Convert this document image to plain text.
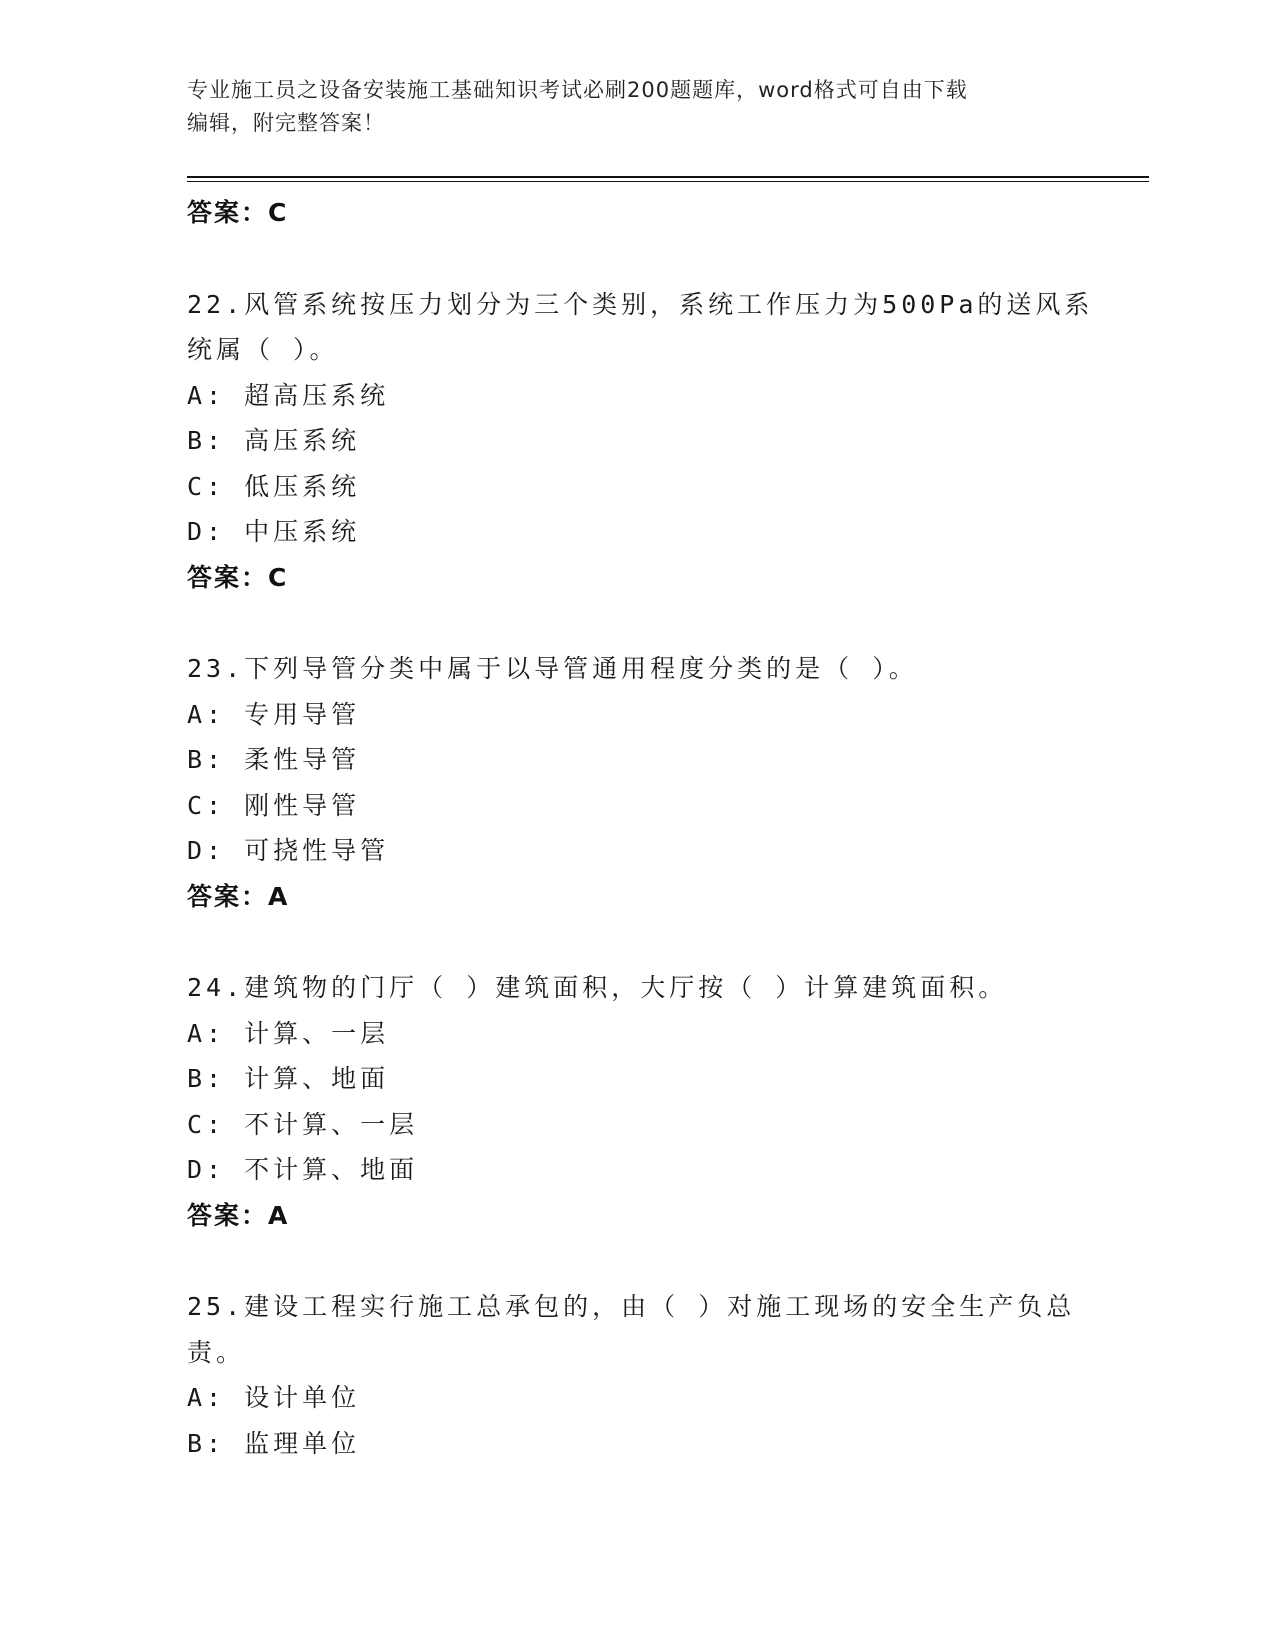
专业施工员之设备安装施工基础知识考试必刷200题题库，word格式可自由下载
编辑，附完整答案！
答案：C
22.风管系统按压力划分为三个类别，系统工作压力为500Pa的送风系
统属（ ）。
A: 超高压系统
B: 高压系统
C: 低压系统
D: 中压系统
答案：C
23.下列导管分类中属于以导管通用程度分类的是（ ）。
A: 专用导管
B: 柔性导管
C: 刚性导管
D: 可挠性导管
答案：A
24.建筑物的门厅（ ）建筑面积，大厅按（ ）计算建筑面积。
A: 计算、一层
B: 计算、地面
C: 不计算、一层
D: 不计算、地面
答案：A
25.建设工程实行施工总承包的，由（ ）对施工现场的安全生产负总
责。
A: 设计单位
B: 监理单位
